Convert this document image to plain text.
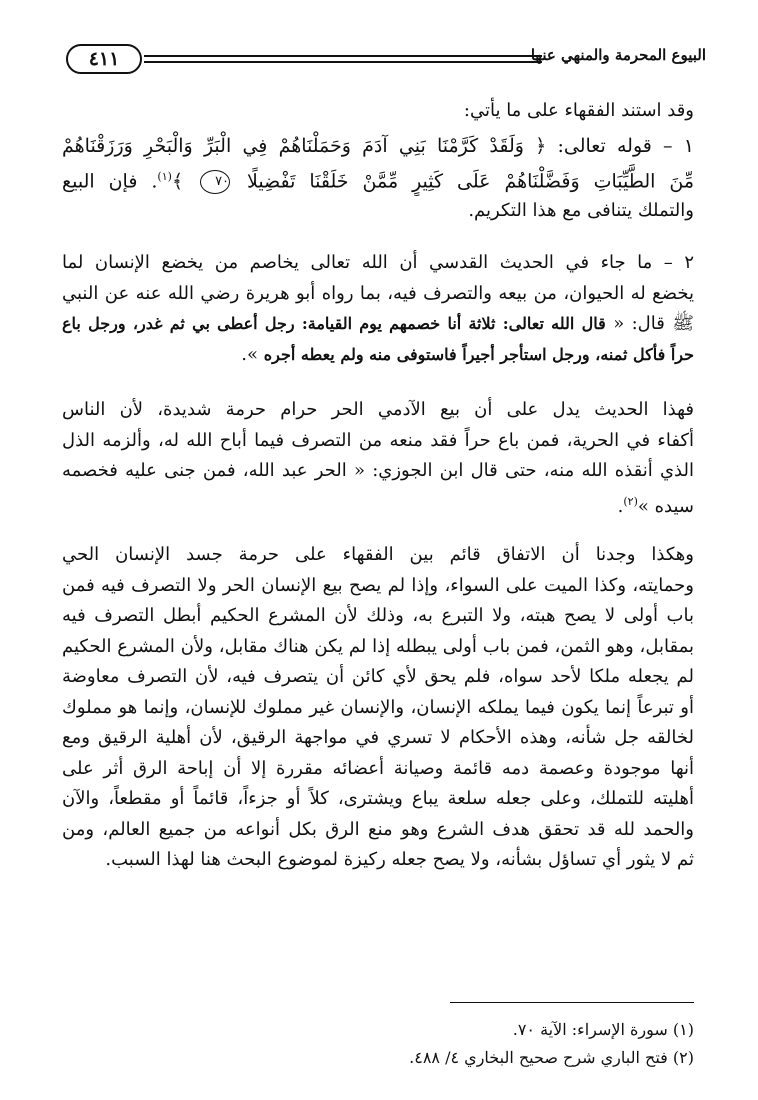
٤١١	البيوع المحرمة والمنهي عنها
وقد استند الفقهاء على ما يأتي:
١ – قوله تعالى: ﴿ وَلَقَدْ كَرَّمْنَا بَنِي آدَمَ وَحَمَلْنَاهُمْ فِي الْبَرِّ وَالْبَحْرِ وَرَزَقْنَاهُمْ
مِّنَ الطَّيِّبَاتِ وَفَضَّلْنَاهُمْ عَلَى كَثِيرٍ مِّمَّنْ خَلَقْنَا تَفْضِيلًا ٧٠ ﴾$^{(١)}$. فإن البيع
والتملك يتنافى مع هذا التكريم.
٢ – ما جاء في الحديث القدسي أن الله تعالى يخاصم من يخضع الإنسان لما
يخضع له الحيوان، من بيعه والتصرف فيه، بما رواه أبو هريرة رضي الله عنه عن النبي
ﷺ قال: « قال الله تعالى: ثلاثة أنا خصمهم يوم القيامة: رجل أعطى بي ثم غدر، ورجل باع
حراً فأكل ثمنه، ورجل استأجر أجيراً فاستوفى منه ولم يعطه أجره ».
فهذا الحديث يدل على أن بيع الآدمي الحر حرام حرمة شديدة، لأن الناس
أكفاء في الحرية، فمن باع حراً فقد منعه من التصرف فيما أباح الله له، وألزمه الذل
الذي أنقذه الله منه، حتى قال ابن الجوزي: « الحر عبد الله، فمن جنى عليه فخصمه
سيده »$^{(٢)}$.
وهكذا وجدنا أن الاتفاق قائم بين الفقهاء على حرمة جسد الإنسان الحي
وحمايته، وكذا الميت على السواء، وإذا لم يصح بيع الإنسان الحر ولا التصرف فيه فمن
باب أولى لا يصح هبته، ولا التبرع به، وذلك لأن المشرع الحكيم أبطل التصرف فيه
بمقابل، وهو الثمن، فمن باب أولى يبطله إذا لم يكن هناك مقابل، ولأن المشرع الحكيم
لم يجعله ملكا لأحد سواه، فلم يحق لأي كائن أن يتصرف فيه، لأن التصرف معاوضة
أو تبرعاً إنما يكون فيما يملكه الإنسان، والإنسان غير مملوك للإنسان، وإنما هو مملوك
لخالقه جل شأنه، وهذه الأحكام لا تسري في مواجهة الرقيق، لأن أهلية الرقيق ومع
أنها موجودة وعصمة دمه قائمة وصيانة أعضائه مقررة إلا أن إباحة الرق أثر على
أهليته للتملك، وعلى جعله سلعة يباع ويشترى، كلاً أو جزءاً، قائماً أو مقطعاً، والآن
والحمد لله قد تحقق هدف الشرع وهو منع الرق بكل أنواعه من جميع العالم، ومن
ثم لا يثور أي تساؤل بشأنه، ولا يصح جعله ركيزة لموضوع البحث هنا لهذا السبب.
(١) سورة الإسراء: الآية ٧٠.
(٢) فتح الباري شرح صحيح البخاري ٤/ ٤٨٨.
